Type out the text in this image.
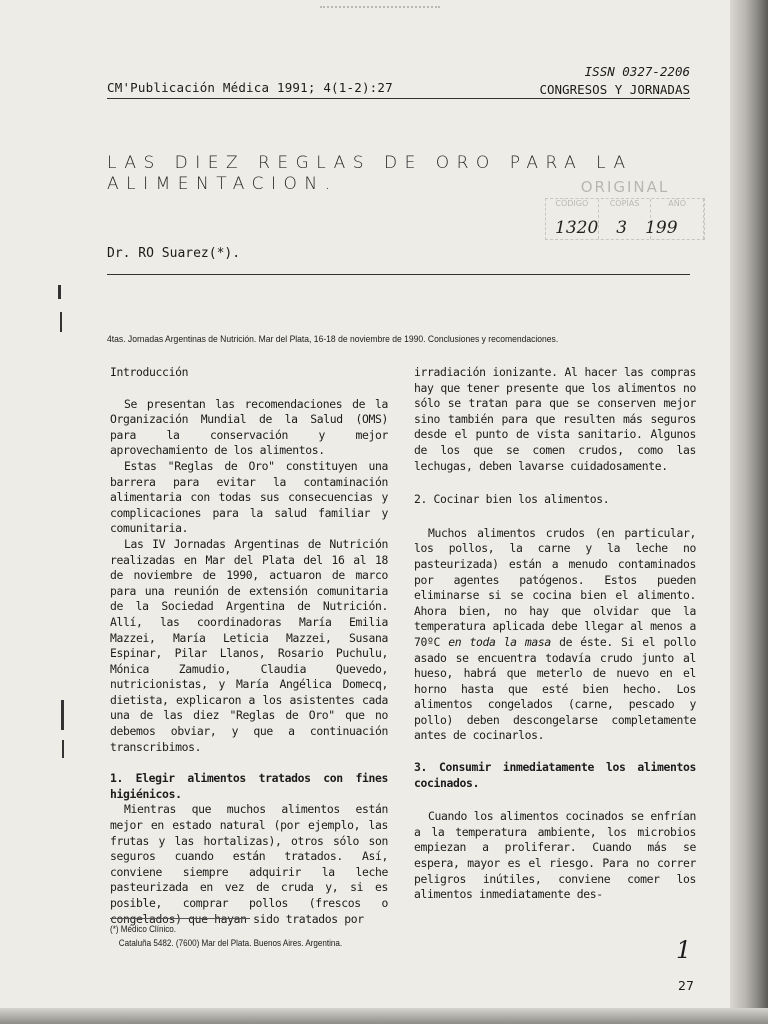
CM'Publicación Médica 1991; 4(1-2):27
ISSN 0327-2206
CONGRESOS Y JORNADAS
LAS DIEZ REGLAS DE ORO PARA LA
ALIMENTACION.	ORIGINAL
CÓDIGO	COPIAS	AÑO
1320 3 199
Dr. RO Suarez(*).
4tas. Jornadas Argentinas de Nutrición. Mar del Plata, 16-18 de noviembre de 1990. Conclusiones y recomendaciones.

Introducción

Se presentan las recomendaciones de la Organización Mundial de la Salud (OMS) para la conservación y mejor aprovechamiento de los alimentos.

Estas "Reglas de Oro" constituyen una barrera para evitar la contaminación alimentaria con todas sus consecuencias y complicaciones para la salud familiar y comunitaria.

Las IV Jornadas Argentinas de Nutrición realizadas en Mar del Plata del 16 al 18 de noviembre de 1990, actuaron de marco para una reunión de extensión comunitaria de la Sociedad Argentina de Nutrición. Allí, las coordinadoras María Emilia Mazzei, María Leticia Mazzei, Susana Espinar, Pilar Llanos, Rosario Puchulu, Mónica Zamudio, Claudia Quevedo, nutricionistas, y María Angélica Domecq, dietista, explicaron a los asistentes cada una de las diez "Reglas de Oro" que no debemos obviar, y que a continuación transcribimos.

1. Elegir alimentos tratados con fines higiénicos.

Mientras que muchos alimentos están mejor en estado natural (por ejemplo, las frutas y las hortalizas), otros sólo son seguros cuando están tratados. Así, conviene siempre adquirir la leche pasteurizada en vez de cruda y, si es posible, comprar pollos (frescos o congelados) que hayan sido tratados por

irradiación ionizante. Al hacer las compras hay que tener presente que los alimentos no sólo se tratan para que se conserven mejor sino también para que resulten más seguros desde el punto de vista sanitario. Algunos de los que se comen crudos, como las lechugas, deben lavarse cuidadosamente.

2. Cocinar bien los alimentos.

Muchos alimentos crudos (en particular, los pollos, la carne y la leche no pasteurizada) están a menudo contaminados por agentes patógenos. Estos pueden eliminarse si se cocina bien el alimento. Ahora bien, no hay que olvidar que la temperatura aplicada debe llegar al menos a 70ºC en toda la masa de éste. Si el pollo asado se encuentra todavía crudo junto al hueso, habrá que meterlo de nuevo en el horno hasta que esté bien hecho. Los alimentos congelados (carne, pescado y pollo) deben descongelarse completamente antes de cocinarlos.

3. Consumir inmediatamente los alimentos cocinados.

Cuando los alimentos cocinados se enfrían a la temperatura ambiente, los microbios empiezan a proliferar. Cuando más se espera, mayor es el riesgo. Para no correr peligros inútiles, conviene comer los alimentos inmediatamente des-

(*) Médico Clínico.
Cataluña 5482. (7600) Mar del Plata. Buenos Aires. Argentina.	1
27
